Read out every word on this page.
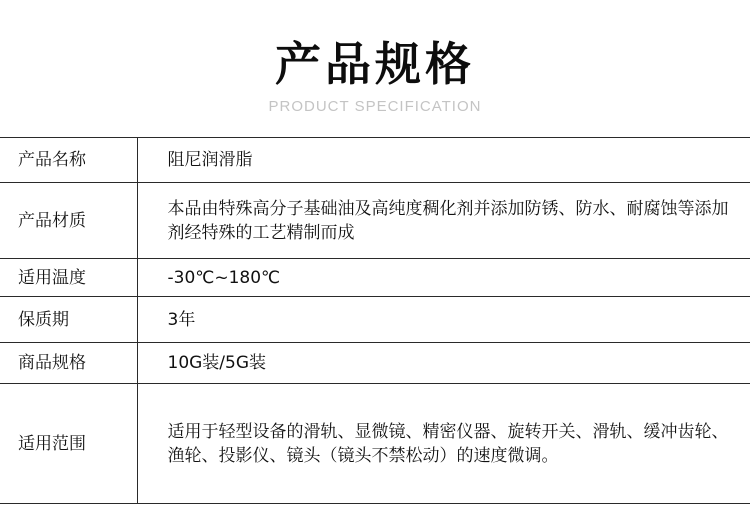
产品规格
PRODUCT SPECIFICATION
产品名称	阻尼润滑脂
产品材质	本品由特殊高分子基础油及高纯度稠化剂并添加防锈、防水、耐腐蚀等添加剂经特殊的工艺精制而成
适用温度	-30℃~180℃
保质期	3年
商品规格	10G装/5G装
适用范围	适用于轻型设备的滑轨、显微镜、精密仪器、旋转开关、滑轨、缓冲齿轮、渔轮、投影仪、镜头（镜头不禁松动）的速度微调。
